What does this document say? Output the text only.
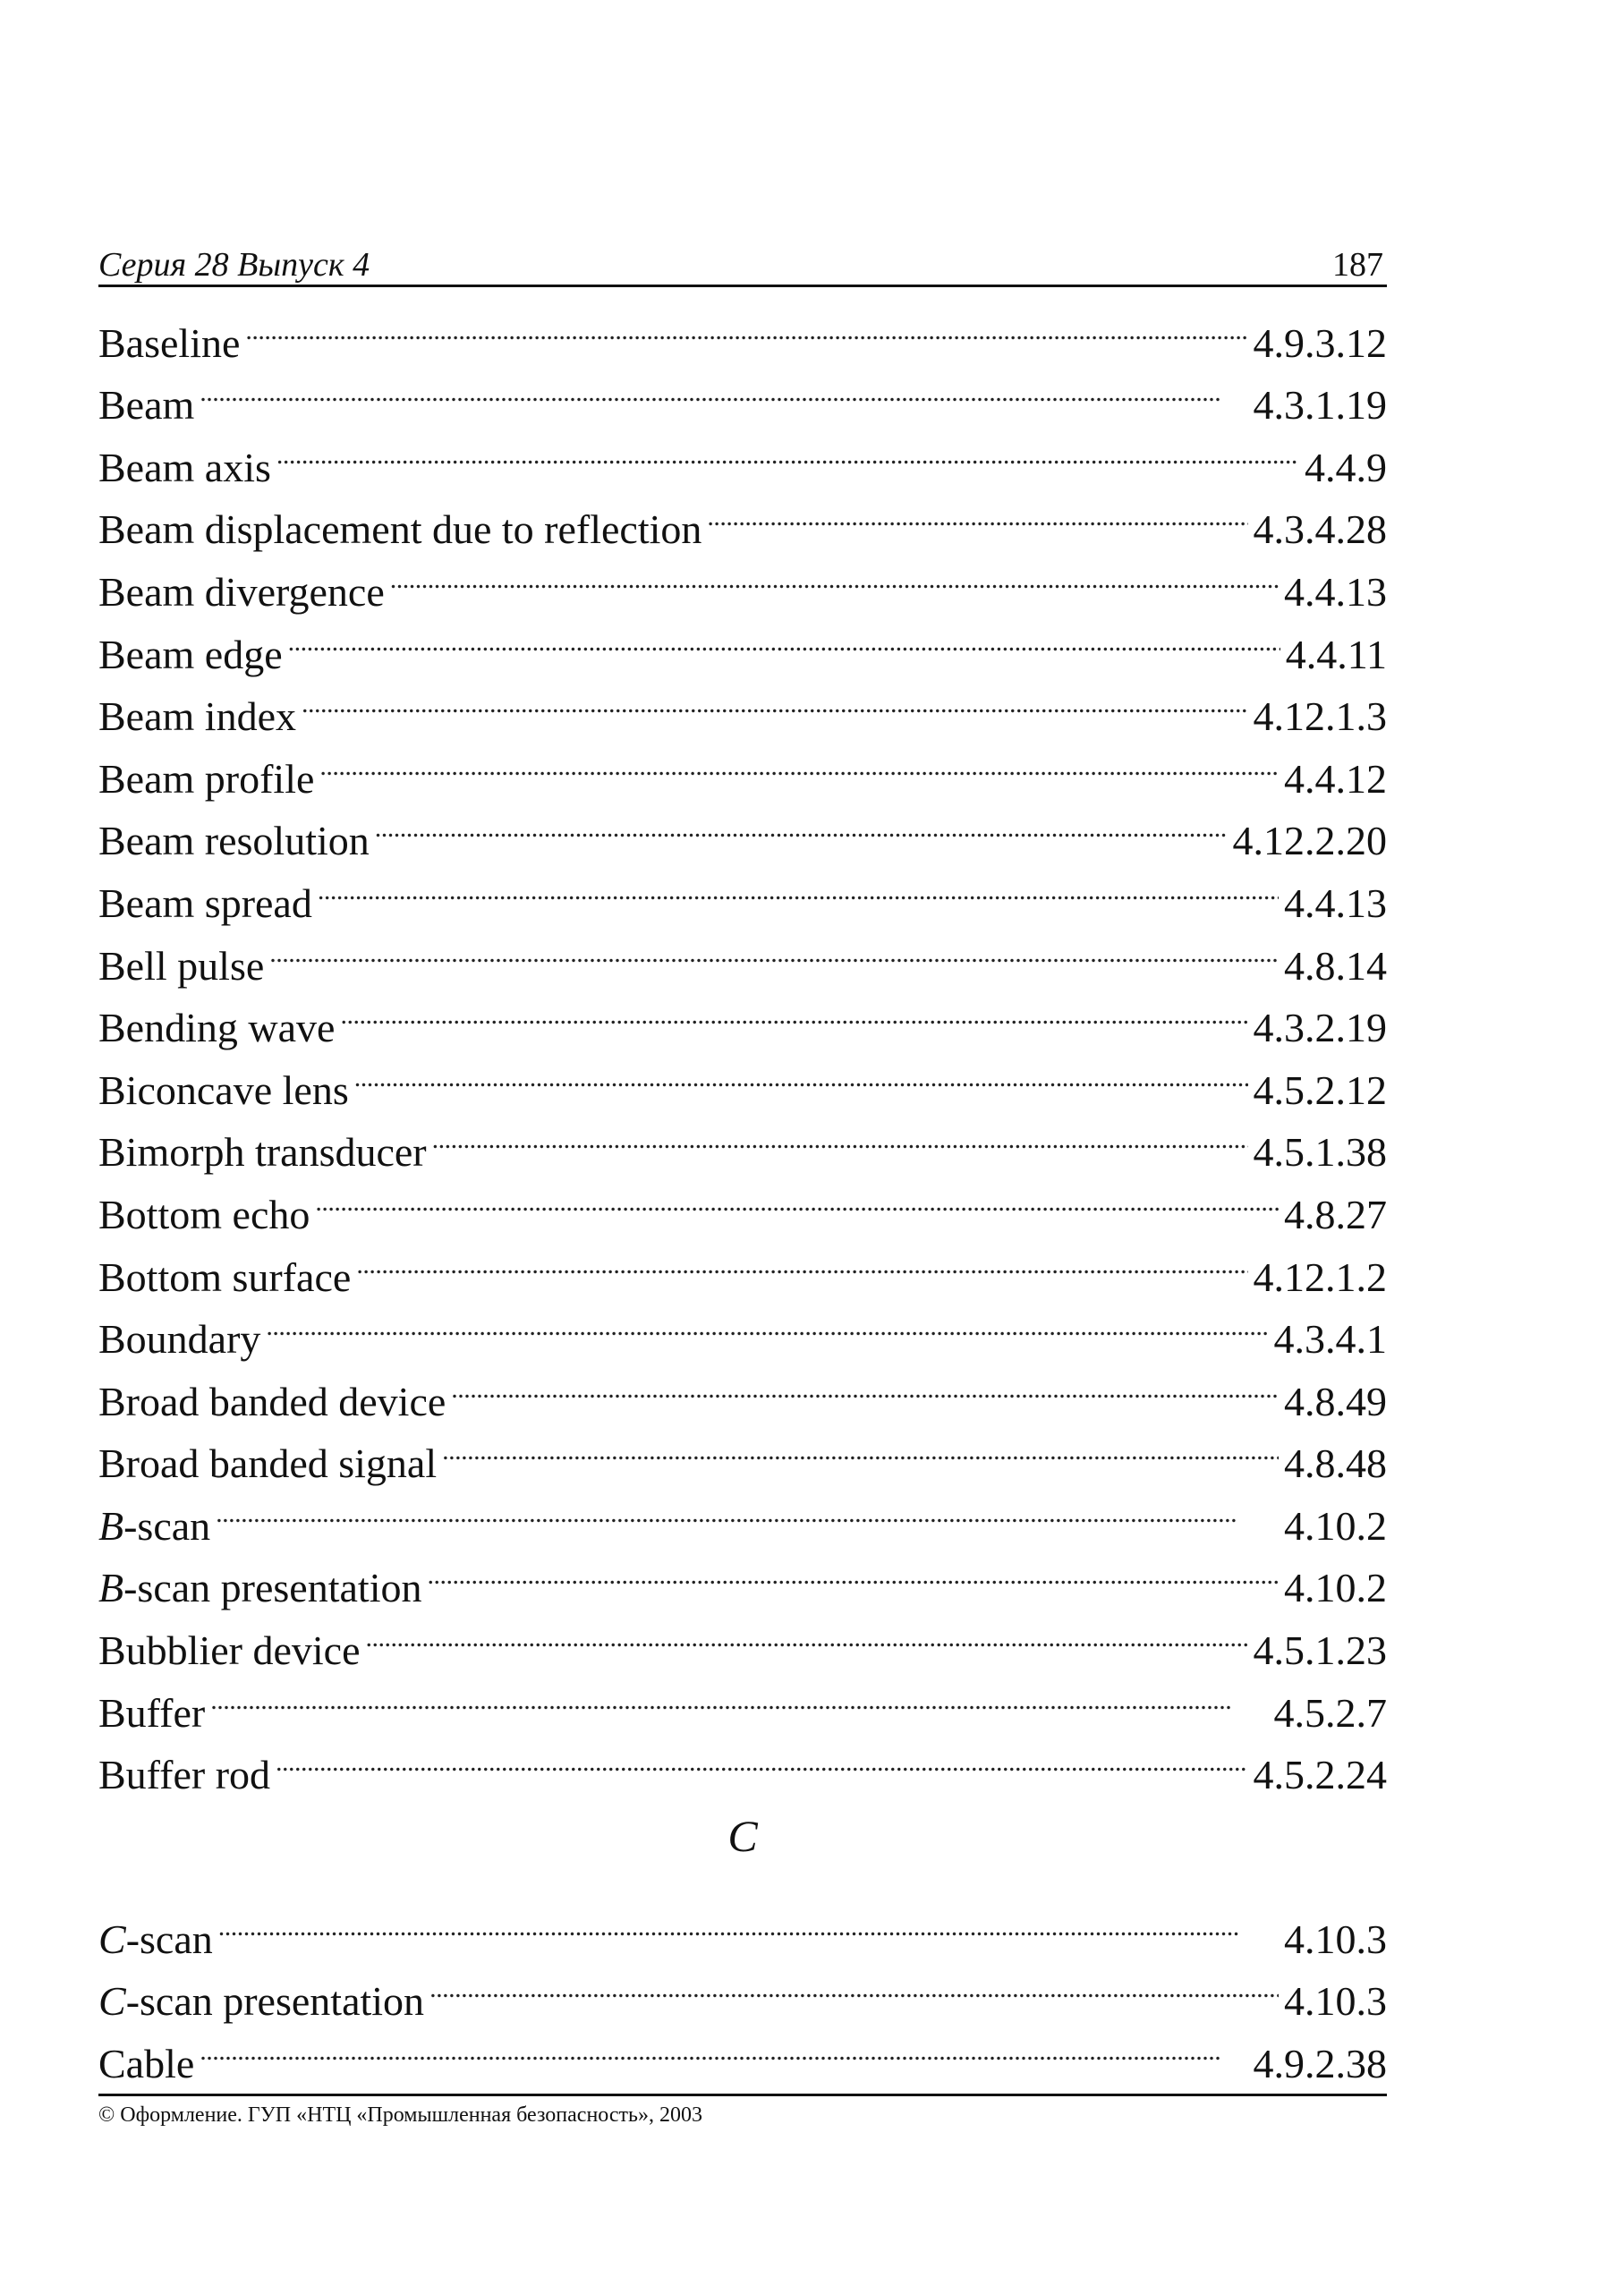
Серия 28 Выпуск 4	187
Baseline . . .	4.9.3.12
Beam . . .	4.3.1.19
Beam axis . . .	4.4.9
Beam displacement due to reflection . . .	4.3.4.28
Beam divergence . . .	4.4.13
Beam edge . . .	4.4.11
Beam index . . .	4.12.1.3
Beam profile . . .	4.4.12
Beam resolution . . .	4.12.2.20
Beam spread . . .	4.4.13
Bell pulse . . .	4.8.14
Bending wave . . .	4.3.2.19
Biconcave lens . . .	4.5.2.12
Bimorph transducer . . .	4.5.1.38
Bottom echo . . .	4.8.27
Bottom surface . . .	4.12.1.2
Boundary . . .	4.3.4.1
Broad banded device . . .	4.8.49
Broad banded signal . . .	4.8.48
B-scan . . .	4.10.2
B-scan presentation . . .	4.10.2
Bubblier device . . .	4.5.1.23
Buffer . . .	4.5.2.7
Buffer rod . . .	4.5.2.24
C
C-scan . . .	4.10.3
C-scan presentation . . .	4.10.3
Cable . . .	4.9.2.38
© Оформление. ГУП «НТЦ «Промышленная безопасность», 2003
